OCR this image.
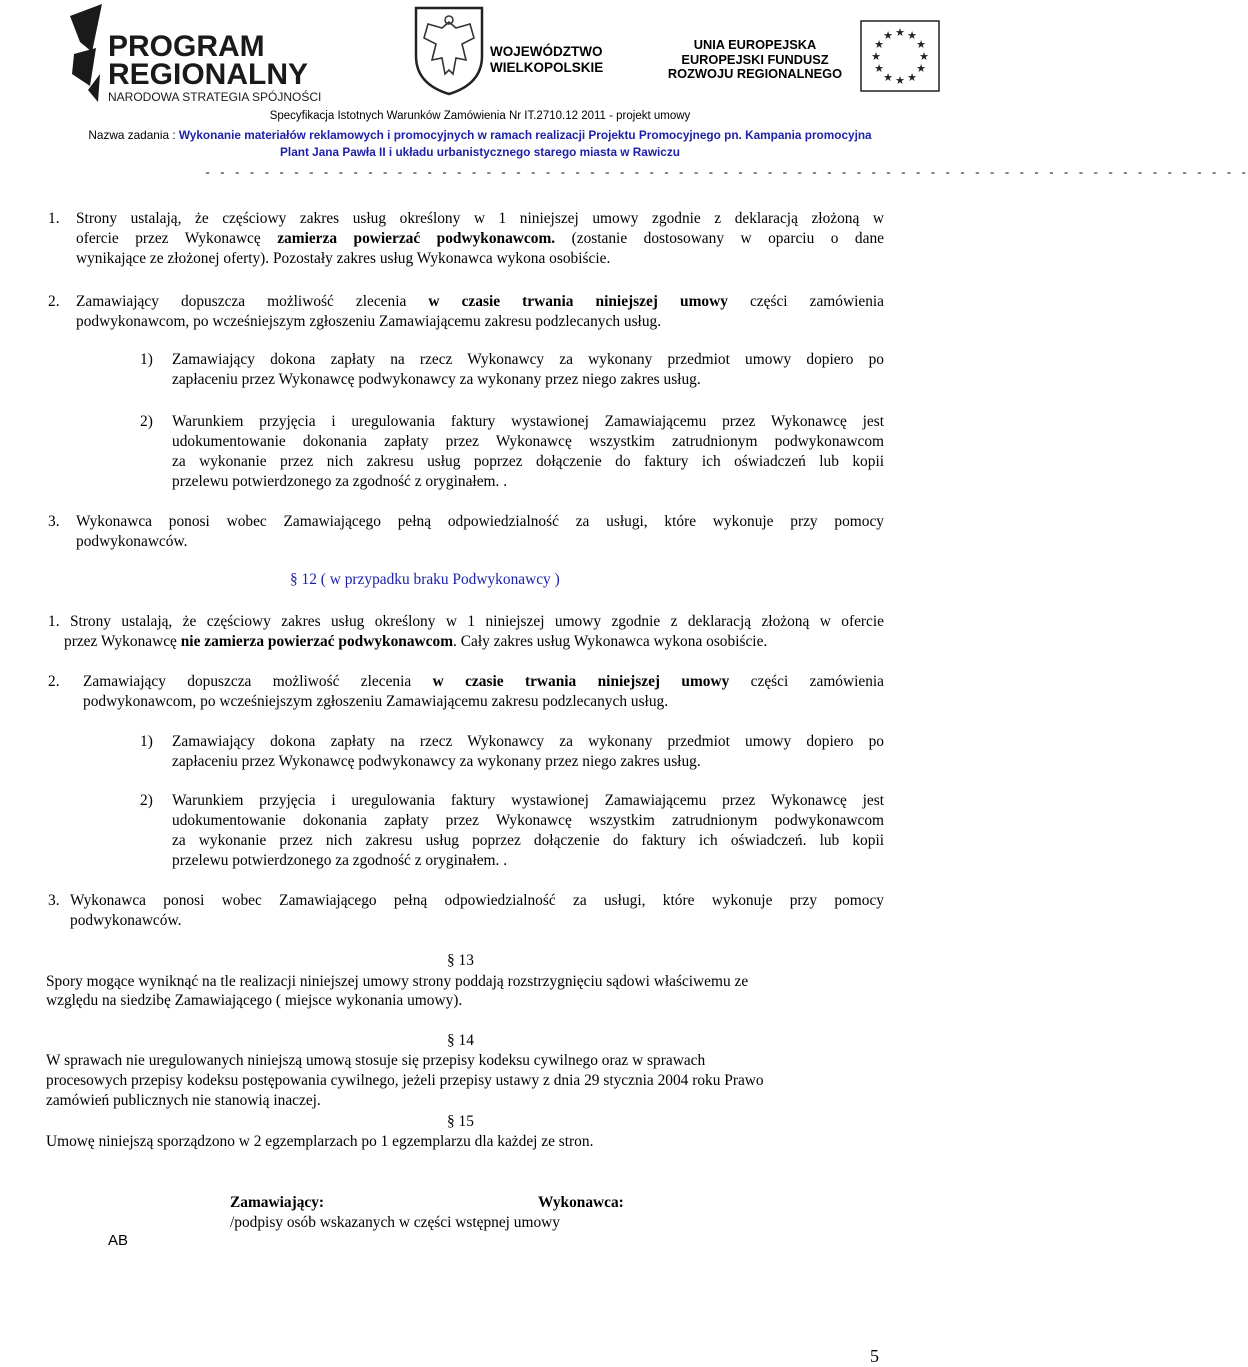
PROGRAM
REGIONALNY
NARODOWA STRATEGIA SPÓJNOŚCI
WOJEWÓDZTWO
WIELKOPOLSKIE
UNIA EUROPEJSKA
EUROPEJSKI FUNDUSZ
ROZWOJU REGIONALNEGO
★ ★
★
★
★
★
★
★
★
★
★
★
Specyfikacja Istotnych Warunków Zamówienia Nr IT.2710.12 2011 - projekt umowy
Nazwa zadania : Wykonanie materiałów reklamowych i promocyjnych w ramach realizacji Projektu Promocyjnego pn. Kampania promocyjna
Plant Jana Pawła II i układu urbanistycznego starego miasta w Rawiczu
- - - - - - - - - - - - - - - - - - - - - - - - - - - - - - - - - - - - - - - - - - - - - - - - - - - - - - - - - - - - - - - - - - - - - - -

1. Strony ustalają, że częściowy zakres usług określony w 1 niniejszej umowy zgodnie z deklaracją złożoną w

ofercie przez Wykonawcę zamierza powierzać podwykonawcom. (zostanie dostosowany w oparciu o dane

wynikające ze złożonej oferty). Pozostały zakres usług Wykonawca wykona osobiście.

2. Zamawiający dopuszcza możliwość zlecenia w czasie trwania niniejszej umowy części zamówienia

podwykonawcom, po wcześniejszym zgłoszeniu Zamawiającemu zakresu podzlecanych usług.

1) Zamawiający dokona zapłaty na rzecz Wykonawcy za wykonany przedmiot umowy dopiero po

zapłaceniu przez Wykonawcę podwykonawcy za wykonany przez niego zakres usług.

2) Warunkiem przyjęcia i uregulowania faktury wystawionej Zamawiającemu przez Wykonawcę jest

udokumentowanie dokonania zapłaty przez Wykonawcę wszystkim zatrudnionym podwykonawcom

za wykonanie przez nich zakresu usług poprzez dołączenie do faktury ich oświadczeń lub kopii

przelewu potwierdzonego za zgodność z oryginałem. .

3. Wykonawca ponosi wobec Zamawiającego pełną odpowiedzialność za usługi, które wykonuje przy pomocy

podwykonawców.

§ 12 ( w przypadku braku Podwykonawcy )

1. Strony ustalają, że częściowy zakres usług określony w 1 niniejszej umowy zgodnie z deklaracją złożoną w ofercie

przez Wykonawcę nie zamierza powierzać podwykonawcom. Cały zakres usług Wykonawca wykona osobiście.

2. Zamawiający dopuszcza możliwość zlecenia w czasie trwania niniejszej umowy części zamówienia

podwykonawcom, po wcześniejszym zgłoszeniu Zamawiającemu zakresu podzlecanych usług.

1) Zamawiający dokona zapłaty na rzecz Wykonawcy za wykonany przedmiot umowy dopiero po

zapłaceniu przez Wykonawcę podwykonawcy za wykonany przez niego zakres usług.

2) Warunkiem przyjęcia i uregulowania faktury wystawionej Zamawiającemu przez Wykonawcę jest

udokumentowanie dokonania zapłaty przez Wykonawcę wszystkim zatrudnionym podwykonawcom

za wykonanie przez nich zakresu usług poprzez dołączenie do faktury ich oświadczeń. lub kopii

przelewu potwierdzonego za zgodność z oryginałem. .

3. Wykonawca ponosi wobec Zamawiającego pełną odpowiedzialność za usługi, które wykonuje przy pomocy

podwykonawców.

§ 13

Spory mogące wyniknąć na tle realizacji niniejszej umowy strony poddają rozstrzygnięciu sądowi właściwemu ze

względu na siedzibę Zamawiającego ( miejsce wykonania umowy).

§ 14

W sprawach nie uregulowanych niniejszą umową stosuje się przepisy kodeksu cywilnego oraz w sprawach

procesowych przepisy kodeksu postępowania cywilnego, jeżeli przepisy ustawy z dnia 29 stycznia 2004 roku Prawo

zamówień publicznych nie stanowią inaczej.

§ 15

Umowę niniejszą sporządzono w 2 egzemplarzach po 1 egzemplarzu dla każdej ze stron.

Zamawiający:	Wykonawca:

/podpisy osób wskazanych w części wstępnej umowy

AB
5
